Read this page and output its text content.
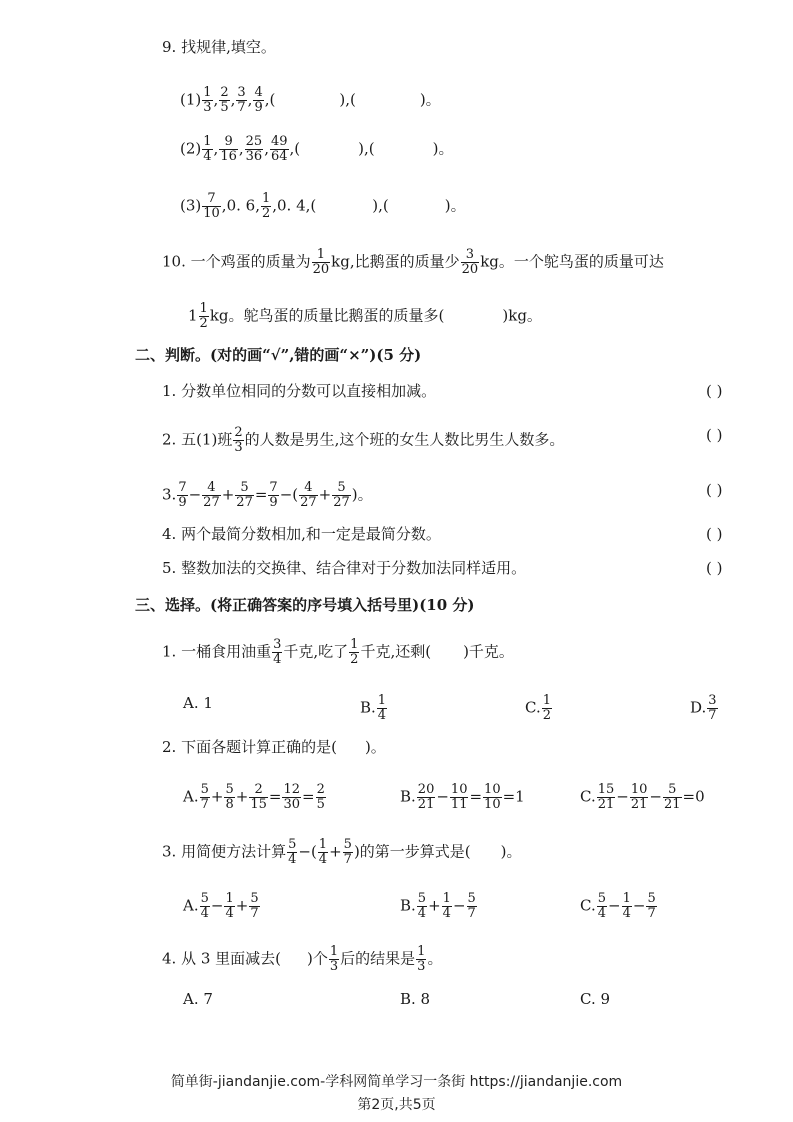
9. 找规律,填空。
$(1) \frac{1}{3}$ , $\frac{2}{5}$ , $\frac{3}{7}$ , $\frac{4}{9}$ ,(	),(	)。
$(2) \frac{1}{4}$ , $\frac{9}{16}$ , $\frac{25}{36}$ , $\frac{49}{64}$ ,(	),(	)。
$(3) \frac{7}{10} ,0$. 6, $\frac{1}{2} ,0$. 4,(	),(	)。
10. 一个鸡蛋的质量为 $\frac{1}{20}$ kg,比鹅蛋的质量少 $\frac{3}{20}$ kg。一个鸵鸟蛋的质量可达
$1 \frac{1}{2}$ kg。鸵鸟蛋的质量比鹅蛋的质量多(	)kg。
二、判断。(对的画“√”,错的画“×”)(5 分)
1. 分数单位相同的分数可以直接相加减。	( )
2. 五(1)班 $\frac{2}{3}$ 的人数是男生,这个班的女生人数比男生人数多。	( )
3. $\frac{7}{9} - \frac{4}{27} + \frac{5}{27} = \frac{7}{9}$ −( $\frac{4}{27} + \frac{5}{27}$ )。	( )
4. 两个最简分数相加,和一定是最简分数。	( )
5. 整数加法的交换律、结合律对于分数加法同样适用。	( )
三、选择。(将正确答案的序号填入括号里)(10 分)
1. 一桶食用油重 $\frac{3}{4}$ 千克,吃了 $\frac{1}{2}$ 千克,还剩( )千克。
A. 1	B. $\frac{1}{4}$	C. $\frac{1}{2}$	D. $\frac{3}{7}$
2. 下面各题计算正确的是( )。
A. $\frac{5}{7} + \frac{5}{8} + \frac{2}{15} = \frac{12}{30} = \frac{2}{5}$	B. $\frac{20}{21} - \frac{10}{11} = \frac{10}{10} =1$	C. $\frac{15}{21} - \frac{10}{21} - \frac{5}{21} =0$
3. 用简便方法计算 $\frac{5}{4}$ −( $\frac{1}{4} + \frac{5}{7}$ )的第一步算式是( )。
A. $\frac{5}{4} - \frac{1}{4} + \frac{5}{7}$	B. $\frac{5}{4} + \frac{1}{4} - \frac{5}{7}$	C. $\frac{5}{4} - \frac{1}{4} - \frac{5}{7}$
4. 从 3 里面减去( )个 $\frac{1}{3}$ 后的结果是 $\frac{1}{3}$ 。
A. 7	B. 8	C. 9
简单街-jiandanjie.com-学科网简单学习一条街 https://jiandanjie.com
第2页,共5页
